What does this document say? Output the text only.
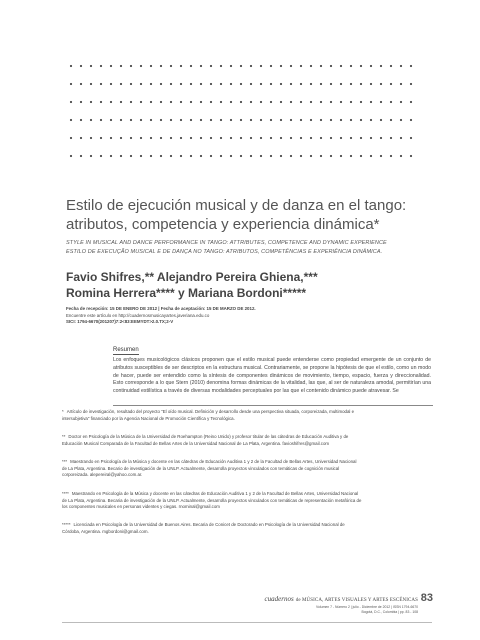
Estilo de ejecución musical y de danza en el tango: atributos, competencia y experiencia dinámica*
STYLE IN MUSICAL AND DANCE PERFORMANCE IN TANGO: ATTRIBUTES, COMPETENCE AND DYNAMIC EXPERIENCE
ESTILO DE EXECUÇÃO MUSICAL E DE DANÇA NO TANGO: ATRIBUTOS, COMPETÊNCIAS E EXPERIÊNCIA DINÂMICA.
Favio Shifres,** Alejandro Pereira Ghiena,***
Romina Herrera**** y Mariana Bordoni*****
Fecha de recepción: 15 DE ENERO DE 2012 | Fecha de aceptación: 15 DE MARZO DE 2012.
Encuentre este artículo en http://cuadernosmusicayartes.javeriana.edu.co
SICI: 1794-6670(201207)7:2<83:EEMYDT>2.0.TX;2-V
Resumen
Los enfoques musicológicos clásicos proponen que el estilo musical puede entenderse como propiedad emergente de un conjunto de atributos susceptibles de ser descriptos en la estructura musical. Contrariamente, se propone la hipótesis de que el estilo, como un modo de hacer, puede ser entendido como la síntesis de componentes dinámicos de movimiento, tiempo, espacio, fuerza y direccionalidad. Esto corresponde a lo que Stern (2010) denomina formas dinámicas de la vitalidad, las que, al ser de naturaleza amodal, permitirían una continuidad estilística a través de diversas modalidades perceptuales por las que el contenido dinámico puede atravesar. Se
* Artículo de investigación, resultado del proyecto "El oído musical. Definición y desarrollo desde una perspectiva situada, corporeizada, multimodal e intersubjetiva" financiado por la Agencia Nacional de Promoción Científica y Tecnológica.
** Doctor en Psicología de la Música de la Universidad de Roehampton (Reino Unido) y profesor titular de las cátedras de Educación Auditiva y de Educación Musical Comparada de la Facultad de Bellas Artes de la Universidad Nacional de La Plata, Argentina. favioshifres@gmail.com
*** Maestrando en Psicología de la Música y docente en las cátedras de Educación Auditiva 1 y 2 de la Facultad de Bellas Artes, Universidad Nacional de La Plata, Argentina. Becario de investigación de la UNLP. Actualmente, desarrolla proyectos vinculados con temáticas de cognición musical corporeizada. alepereiral@yahoo.com.ar.
**** Maestrando en Psicología de la Música y docente en las cátedras de Educación Auditiva 1 y 2 de la Facultad de Bellas Artes, Universidad Nacional de La Plata, Argentina. Becaria de investigación de la UNLP. Actualmente, desarrolla proyectos vinculados con temáticas de representación metafórica de los componentes musicales en personas videntes y ciegas. rnominal@gmail.com
***** Licenciada en Psicología de la Universidad de Buenos Aires. Becaria de Conicet de Doctorado en Psicología de la Universidad Nacional de Córdoba, Argentina. mgbordoni@gmail.com.
cuadernos de MÚSICA, ARTES VISUALES Y ARTES ESCÉNICAS 83
Volumen 7 - Número 2 | julio - Diciembre de 2012 | ISSN 1794-6670
Bogotá, D.C., Colombia | pp. 83 - 108
